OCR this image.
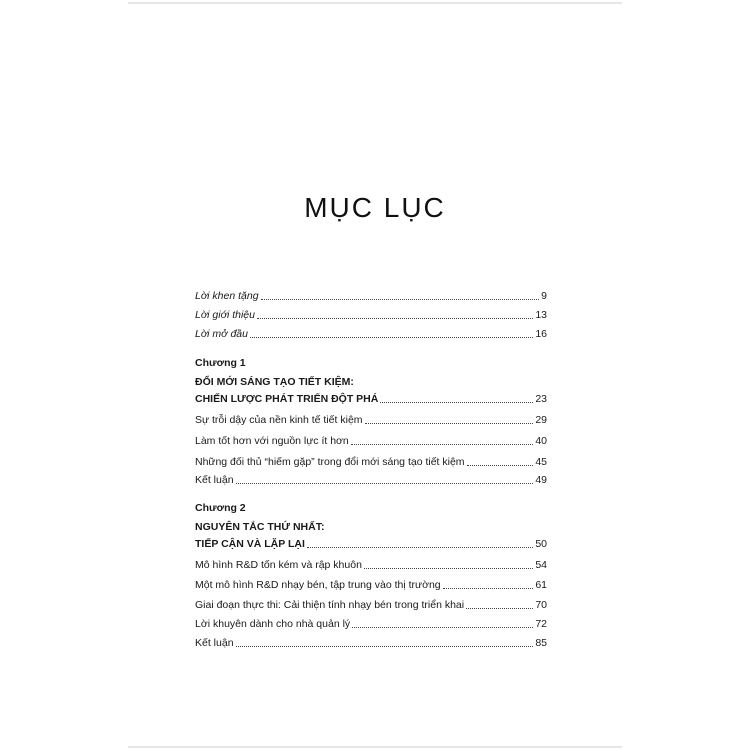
MỤC LỤC
Lời khen tặng	9
Lời giới thiệu	13
Lời mở đầu	16
Chương 1
ĐỔI MỚI SÁNG TẠO TIẾT KIỆM:
CHIẾN LƯỢC PHÁT TRIỂN ĐỘT PHÁ	23
Sự trỗi dậy của nền kinh tế tiết kiệm	29
Làm tốt hơn với nguồn lực ít hơn	40
Những đối thủ “hiếm gặp” trong đổi mới sáng tạo tiết kiệm	45
Kết luận	49
Chương 2
NGUYÊN TẮC THỨ NHẤT:
TIẾP CẬN VÀ LẶP LẠI	50
Mô hình R&D tốn kém và rập khuôn	54
Một mô hình R&D nhạy bén, tập trung vào thị trường	61
Giai đoạn thực thi: Cải thiện tính nhạy bén trong triển khai	70
Lời khuyên dành cho nhà quản lý	72
Kết luận	85
